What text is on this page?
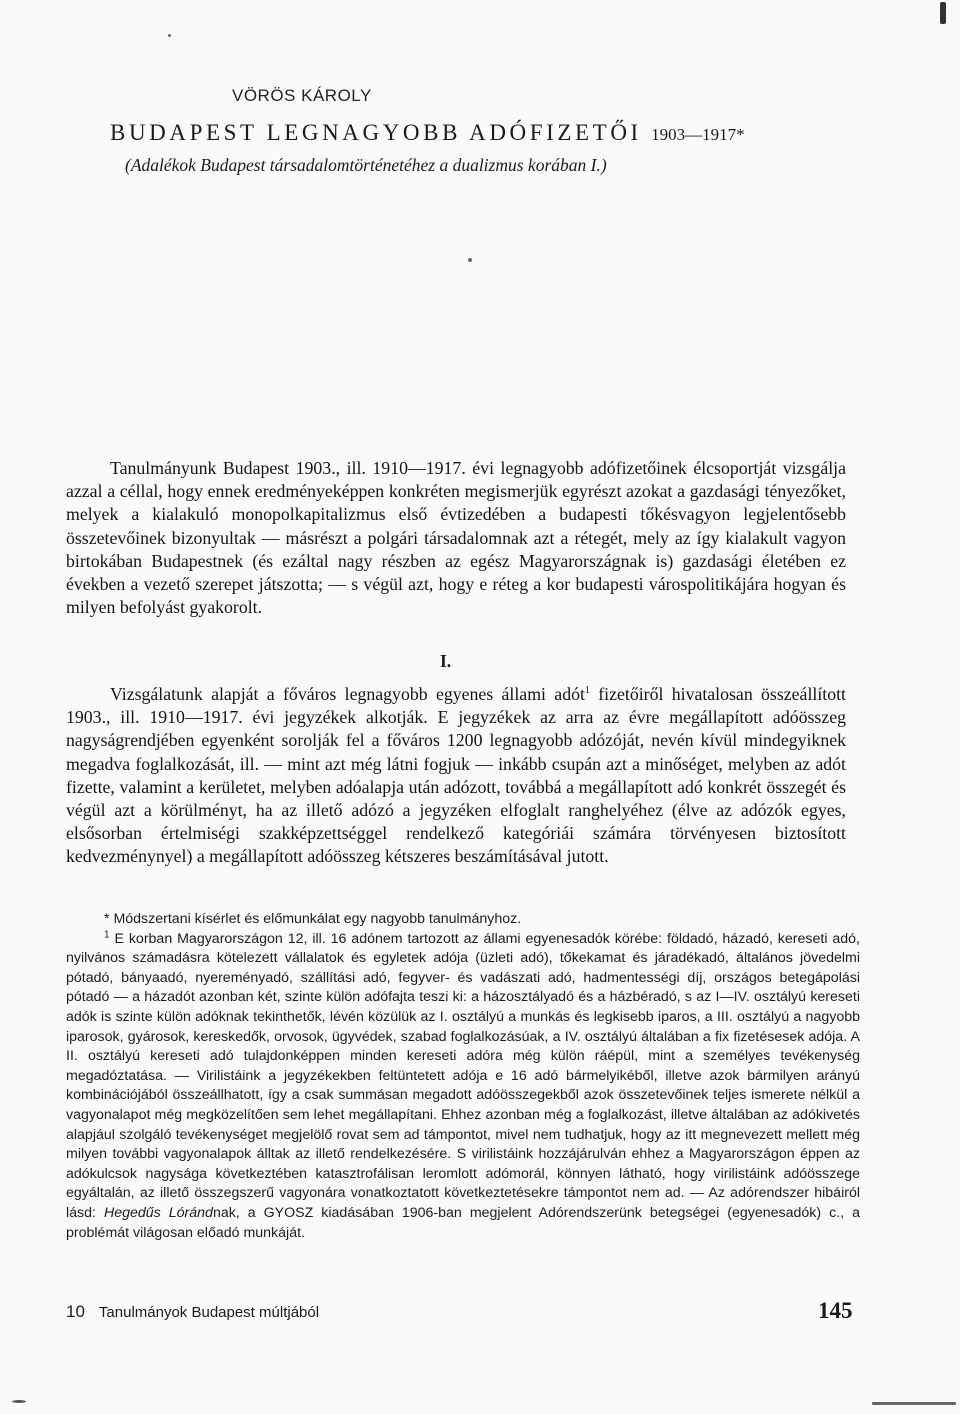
VÖRÖS KÁROLY
BUDAPEST LEGNAGYOBB ADÓFIZETŐI 1903—1917*
(Adalékok Budapest társadalomtörténetéhez a dualizmus korában I.)

Tanulmányunk Budapest 1903., ill. 1910—1917. évi legnagyobb adófizetőinek élcsoportját vizsgálja azzal a céllal, hogy ennek eredményeképpen konkréten megismerjük egyrészt azokat a gazdasági tényezőket, melyek a kialakuló monopolkapitalizmus első évtizedében a budapesti tőkésvagyon legjelentősebb összetevőinek bizonyultak — másrészt a polgári társadalomnak azt a rétegét, mely az így kialakult vagyon birtokában Budapestnek (és ezáltal nagy részben az egész Magyarországnak is) gazdasági életében ez években a vezető szerepet játszotta; — s végül azt, hogy e réteg a kor budapesti várospolitikájára hogyan és milyen befolyást gyakorolt.

I.

Vizsgálatunk alapját a főváros legnagyobb egyenes állami adót$^1$ fizetőiről hivatalosan összeállított 1903., ill. 1910—1917. évi jegyzékek alkotják. E jegyzékek az arra az évre megállapított adóösszeg nagyságrendjében egyenként sorolják fel a főváros 1200 legnagyobb adózóját, nevén kívül mindegyiknek megadva foglalkozását, ill. — mint azt még látni fogjuk — inkább csupán azt a minőséget, melyben az adót fizette, valamint a kerületet, melyben adóalapja után adózott, továbbá a megállapított adó konkrét összegét és végül azt a körülményt, ha az illető adózó a jegyzéken elfoglalt ranghelyéhez (élve az adózók egyes, elsősorban értelmiségi szakképzettséggel rendelkező kategóriái számára törvényesen biztosított kedvezménynyel) a megállapított adóösszeg kétszeres beszámításával jutott.

* Módszertani kísérlet és előmunkálat egy nagyobb tanulmányhoz.

$^1$ E korban Magyarországon 12, ill. 16 adónem tartozott az állami egyenesadók körébe: földadó, házadó, kereseti adó, nyilvános számadásra kötelezett vállalatok és egyletek adója (üzleti adó), tőkekamat és járadékadó, általános jövedelmi pótadó, bányaadó, nyereményadó, szállítási adó, fegyver- és vadászati adó, hadmentességi díj, országos betegápolási pótadó — a házadót azonban két, szinte külön adófajta teszi ki: a házosztályadó és a házbéradó, s az I—IV. osztályú kereseti adók is szinte külön adóknak tekinthetők, lévén közülük az I. osztályú a munkás és legkisebb iparos, a III. osztályú a nagyobb iparosok, gyárosok, kereskedők, orvosok, ügyvédek, szabad foglalkozásúak, a IV. osztályú általában a fix fizetésesek adója. A II. osztályú kereseti adó tulajdonképpen minden kereseti adóra még külön ráépül, mint a személyes tevékenység megadóztatása. — Virilistáink a jegyzékekben feltüntetett adója e 16 adó bármelyikéből, illetve azok bármilyen arányú kombinációjából összeállhatott, így a csak summásan megadott adóösszegekből azok összetevőinek teljes ismerete nélkül a vagyonalapot még megközelítően sem lehet megállapítani. Ehhez azonban még a foglalkozást, illetve általában az adókivetés alapjául szolgáló tevékenységet megjelölő rovat sem ad támpontot, mivel nem tudhatjuk, hogy az itt megnevezett mellett még milyen további vagyonalapok álltak az illető rendelkezésére. S virilistáink hozzájárulván ehhez a Magyarországon éppen az adókulcsok nagysága következtében katasztrofálisan leromlott adómorál, könnyen látható, hogy virilistáink adóösszege egyáltalán, az illető összegszerű vagyonára vonatkoztatott következtetésekre támpontot nem ad. — Az adórendszer hibáiról lásd: Hegedűs Lórándnak, a GYOSZ kiadásában 1906-ban megjelent Adórendszerünk betegségei (egyenesadók) c., a problémát világosan előadó munkáját.

10 Tanulmányok Budapest múltjából	145
